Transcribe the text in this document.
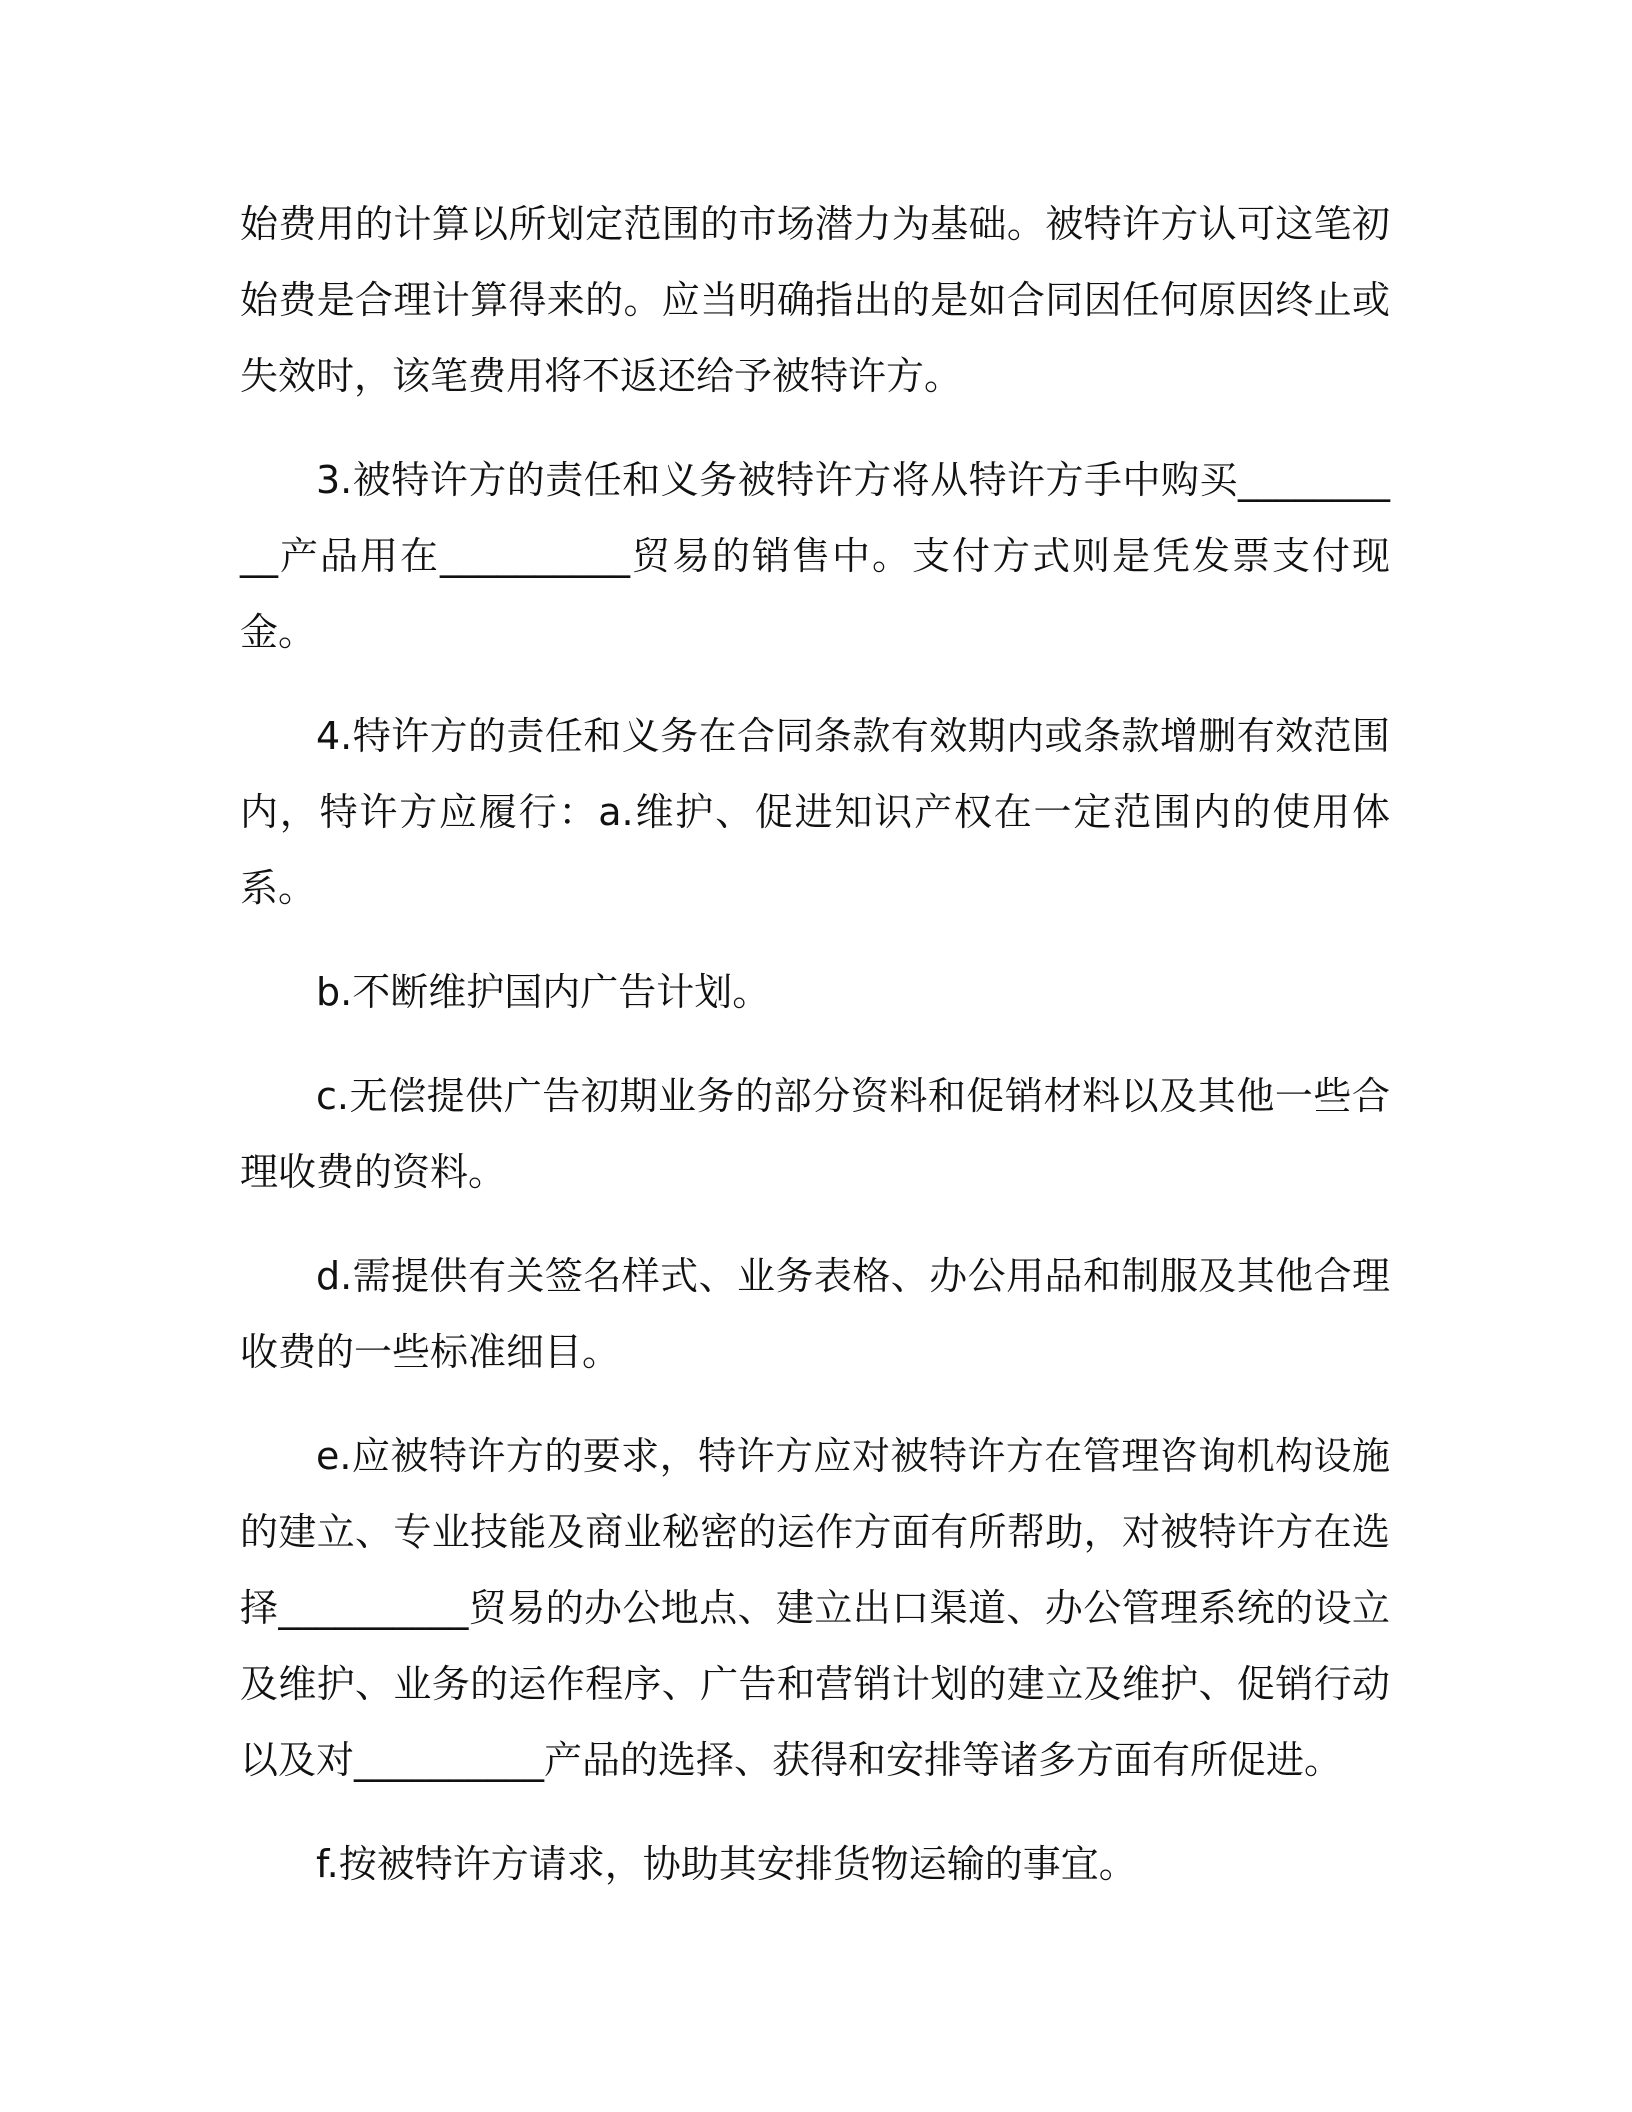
始费用的计算以所划定范围的市场潜力为基础。被特许方认可这笔初始费是合理计算得来的。应当明确指出的是如合同因任何原因终止或失效时，该笔费用将不返还给予被特许方。

3.被特许方的责任和义务被特许方将从特许方手中购买__________产品用在__________贸易的销售中。支付方式则是凭发票支付现金。

4.特许方的责任和义务在合同条款有效期内或条款增删有效范围内，特许方应履行：a.维护、促进知识产权在一定范围内的使用体系。

b.不断维护国内广告计划。

c.无偿提供广告初期业务的部分资料和促销材料以及其他一些合理收费的资料。

d.需提供有关签名样式、业务表格、办公用品和制服及其他合理收费的一些标准细目。

e.应被特许方的要求，特许方应对被特许方在管理咨询机构设施的建立、专业技能及商业秘密的运作方面有所帮助，对被特许方在选择__________贸易的办公地点、建立出口渠道、办公管理系统的设立及维护、业务的运作程序、广告和营销计划的建立及维护、促销行动以及对__________产品的选择、获得和安排等诸多方面有所促进。

f.按被特许方请求，协助其安排货物运输的事宜。
